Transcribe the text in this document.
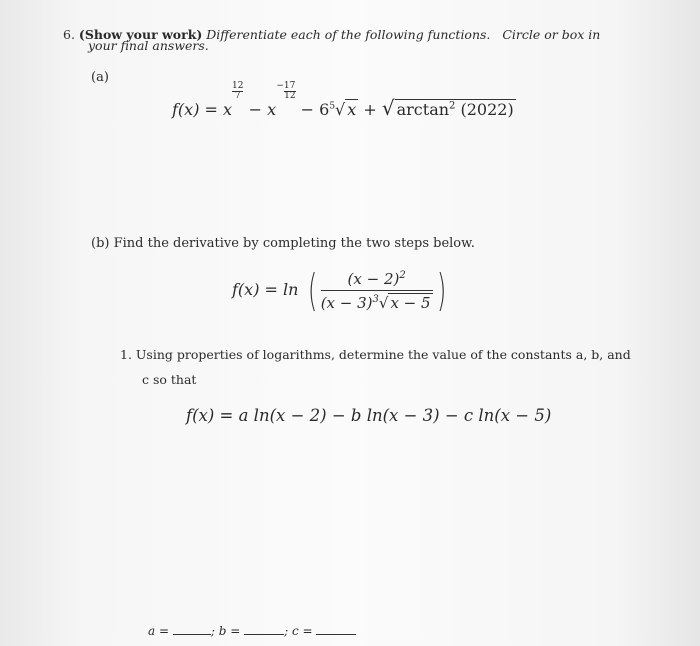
6. (Show your work) Differentiate each of the following functions. Circle or box in
your final answers.
(a)
$f(x) = x\frac{12}{7}$
− x−17

12
− $6^5√$ x + √ $\arctan^2 (2022)$
(b) Find the derivative by completing the two steps below.
f(x) = ln ( $\frac{(x - 2)^2}{(x - 3)^3√ x - 5}$ )
1. Using properties of logarithms, determine the value of the constants a, b, and
c so that
f(x) = a ln(x − 2) − b ln(x − 3) − c ln(x − 5)
a =	; b =	; c =
